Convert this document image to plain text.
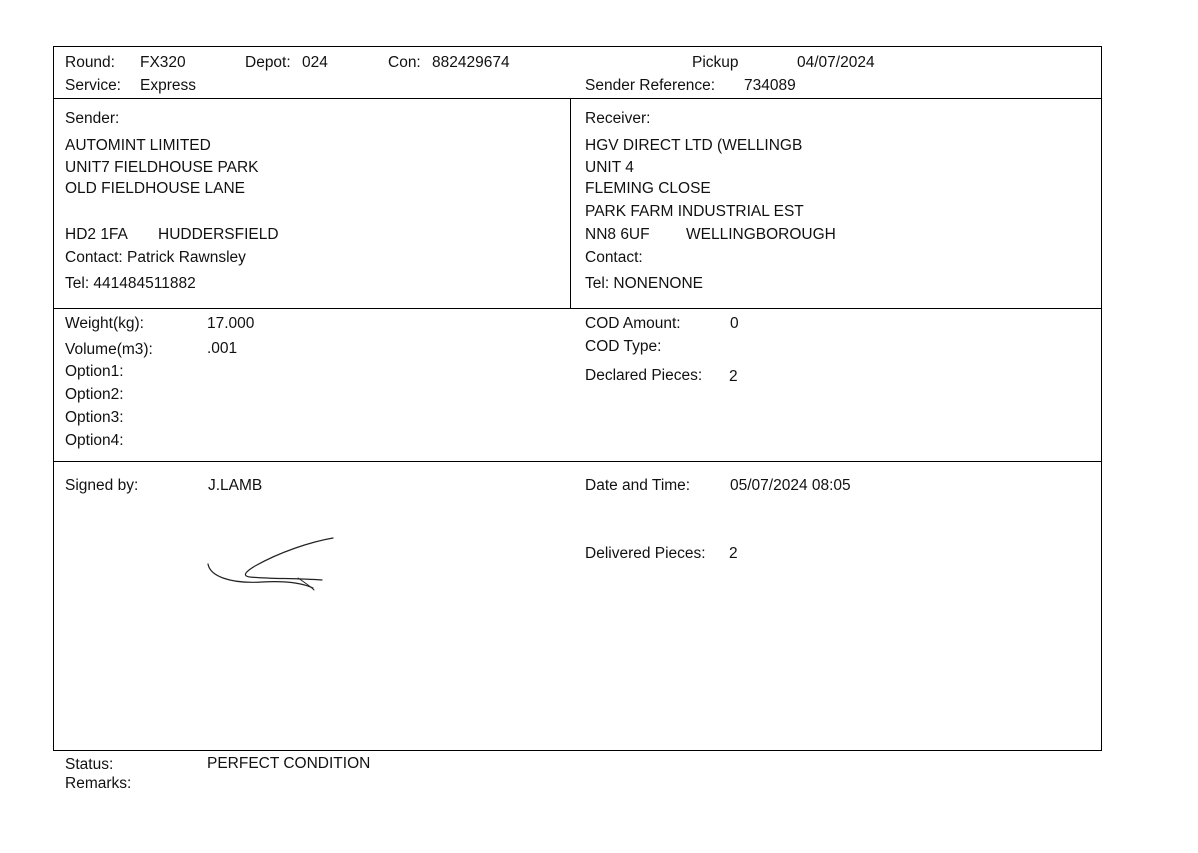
Round: FX320	Depot: 024	Con: 882429674	Pickup	04/07/2024
Service: Express	Sender Reference: 734089
Sender:
AUTOMINT LIMITED
UNIT7 FIELDHOUSE PARK
OLD FIELDHOUSE LANE
HD2 1FA HUDDERSFIELD
Contact: Patrick Rawnsley
Tel: 441484511882
Receiver:
HGV DIRECT LTD (WELLINGB
UNIT 4
FLEMING CLOSE
PARK FARM INDUSTRIAL EST
NN8 6UF WELLINGBOROUGH
Contact:
Tel: NONENONE
Weight(kg):	17.000
Volume(m3):	.001
Option1:
Option2:
Option3:
Option4:
COD Amount:	0
COD Type:
Declared Pieces: 2
Signed by:	J.LAMB	Date and Time:	05/07/2024 08:05
Delivered Pieces: 2
Status:	PERFECT CONDITION
Remarks:
